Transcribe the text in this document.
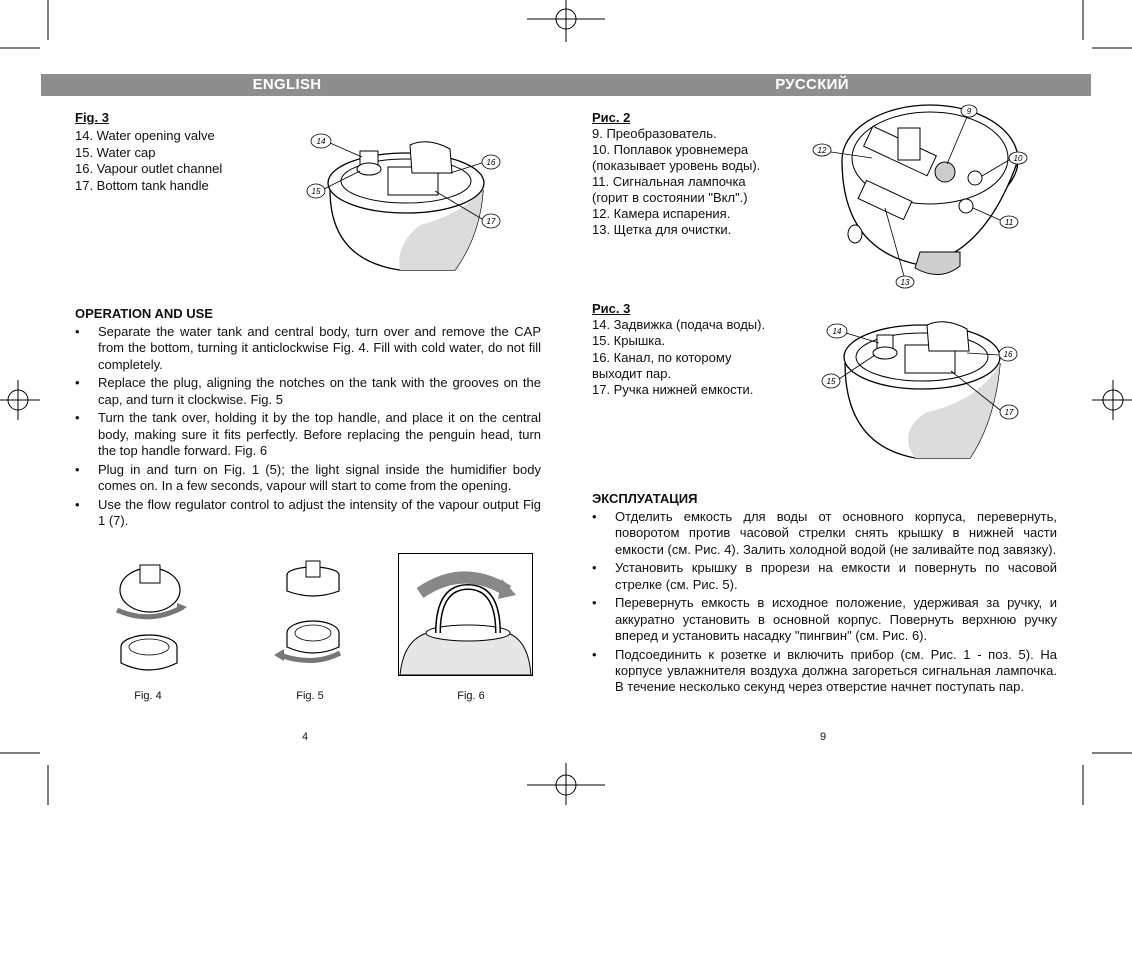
ENGLISH	РУССКИЙ
Fig. 3
14. Water opening valve
15. Water cap
16. Vapour outlet channel
17. Bottom tank handle
14
15
16
17
OPERATION AND USE
• Separate the water tank and central body, turn over and remove the CAP from the bottom, turning it anticlockwise Fig. 4. Fill with cold water, do not fill completely.
• Replace the plug, aligning the notches on the tank with the grooves on the cap, and turn it clockwise. Fig. 5
• Turn the tank over, holding it by the top handle, and place it on the central body, making sure it fits perfectly. Before replacing the penguin head, turn the top handle forward. Fig. 6
• Plug in and turn on Fig. 1 (5); the light signal inside the humidifier body comes on. In a few seconds, vapour will start to come from the opening.
• Use the flow regulator control to adjust the intensity of the vapour output Fig 1 (7).
Fig. 4	Fig. 5	Fig. 6
4
Рис. 2
9. Преобразователь.
10. Поплавок уровнемера
(показывает уровень воды).
11. Сигнальная лампочка
(горит в состоянии "Вкл".)
12. Камера испарения.
13. Щетка для очистки.
9
10
11
12
13
Рис. 3
14. Задвижка (подача воды).
15. Крышка.
16. Канал, по которому
выходит пар.
17. Ручка нижней емкости.
14
15
16
17
ЭКСПЛУАТАЦИЯ
• Отделить емкость для воды от основного корпуса, перевернуть, поворотом против часовой стрелки снять крышку в нижней части емкости (см. Рис. 4). Залить холодной водой (не заливайте под завязку).
• Установить крышку в прорези на емкости и повернуть по часовой стрелке (см. Рис. 5).
• Перевернуть емкость в исходное положение, удерживая за ручку, и аккуратно установить в основной корпус. Повернуть верхнюю ручку вперед и установить насадку "пингвин" (см. Рис. 6).
• Подсоединить к розетке и включить прибор (см. Рис. 1 - поз. 5). На корпусе увлажнителя воздуха должна загореться сигнальная лампочка. В течение несколько секунд через отверстие начнет поступать пар.
9
